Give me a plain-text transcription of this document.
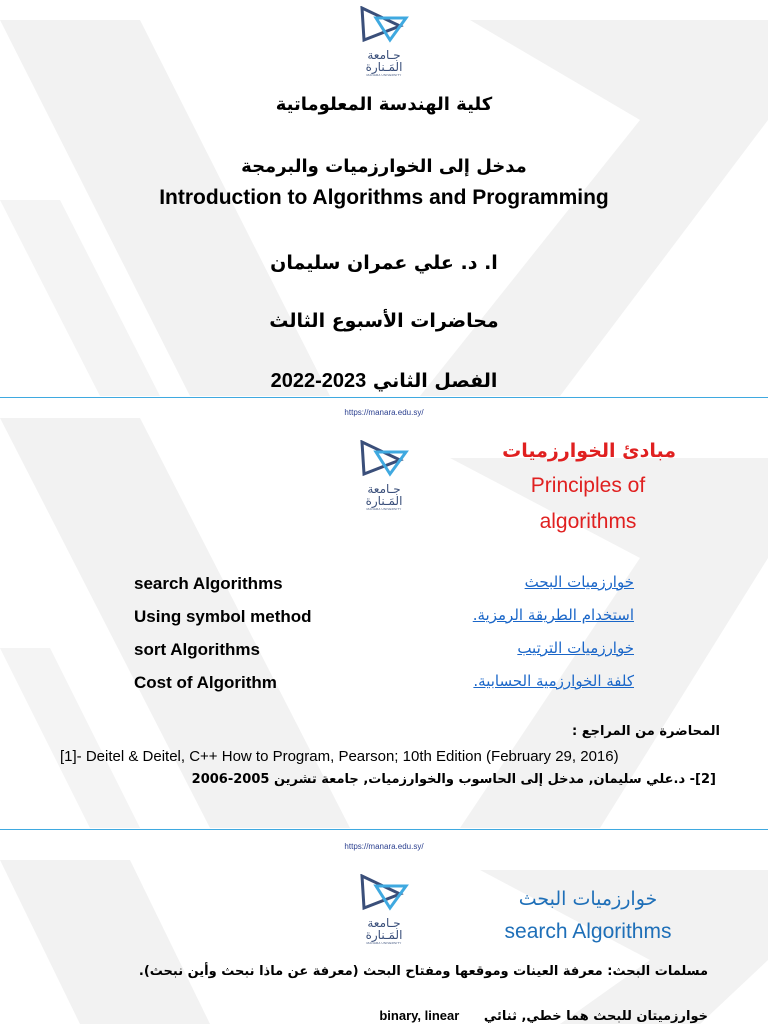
جـامعة المَـنارة
MANARA UNIVERSITY
كلية الهندسة المعلوماتية
مدخل إلى الخوارزميات والبرمجة
Introduction to Algorithms and Programming
ا. د. علي عمران سليمان
محاضرات الأسبوع الثالث
الفصل الثاني 2022-2023
https://manara.edu.sy/
جـامعة المَـنارة
MANARA UNIVERSITY
مبادئ الخوارزميات
Principles of
algorithms
search Algorithms	خوارزميات البحث
Using symbol method	استخدام الطريقة الرمزية.
sort Algorithms	خوارزميات الترتيب
Cost of Algorithm	كلفة الخوارزمية الحسابية.
المحاضرة من المراجع :
[1]- Deitel & Deitel, C++ How to Program, Pearson; 10th Edition (February 29, 2016)
[2]- د.علي سليمان, مدخل إلى الحاسوب والخوارزميات, جامعة تشرين 2005-2006
https://manara.edu.sy/
جـامعة المَـنارة
MANARA UNIVERSITY
خوارزميات البحث
search Algorithms
مسلمات البحث: معرفة العينات وموقعها ومفتاح البحث (معرفة عن ماذا نبحث وأين نبحث).
خوارزميتان للبحث هما خطي, ثنائي binary, linear
